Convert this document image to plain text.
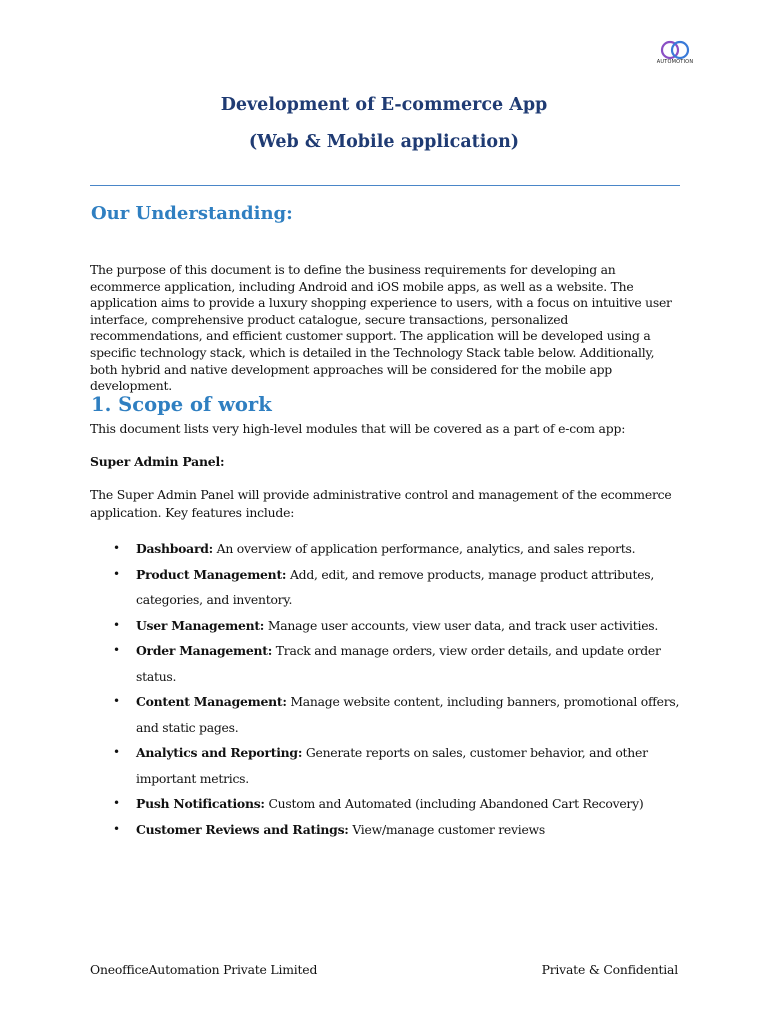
AUTOMOTION
Development of E-commerce App
(Web & Mobile application)
Our Understanding:
The purpose of this document is to define the business requirements for developing an ecommerce application, including Android and iOS mobile apps, as well as a website. The application aims to provide a luxury shopping experience to users, with a focus on intuitive user interface, comprehensive product catalogue, secure transactions, personalized recommendations, and efficient customer support. The application will be developed using a specific technology stack, which is detailed in the Technology Stack table below. Additionally, both hybrid and native development approaches will be considered for the mobile app development.
1. Scope of work
This document lists very high-level modules that will be covered as a part of e-com app:
Super Admin Panel:
The Super Admin Panel will provide administrative control and management of the ecommerce application. Key features include:
• Dashboard: An overview of application performance, analytics, and sales reports.
• Product Management: Add, edit, and remove products, manage product attributes, categories, and inventory.
• User Management: Manage user accounts, view user data, and track user activities.
• Order Management: Track and manage orders, view order details, and update order status.
• Content Management: Manage website content, including banners, promotional offers, and static pages.
• Analytics and Reporting: Generate reports on sales, customer behavior, and other important metrics.
• Push Notifications: Custom and Automated (including Abandoned Cart Recovery)
• Customer Reviews and Ratings: View/manage customer reviews
OneofficeAutomation Private Limited	Private & Confidential
